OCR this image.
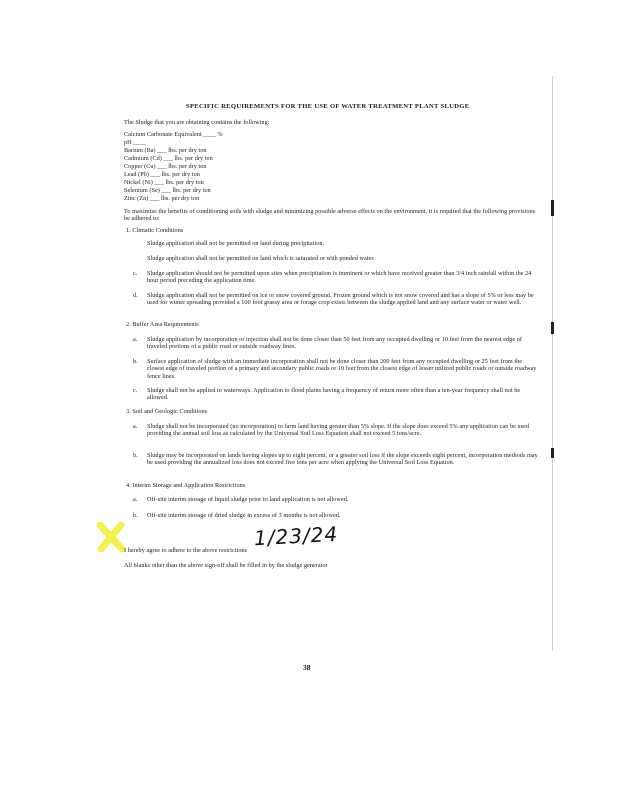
SPECIFIC REQUIREMENTS FOR THE USE OF WATER TREATMENT PLANT SLUDGE
The Sludge that you are obtaining contains the following:
Calcium Carbonate Equivalent ____ %
pH ____
Barium (Ba) ___ lbs. per dry ton
Cadmium (Cd) ___ lbs. per dry ton
Copper (Cu) ___ lbs. per dry ton
Lead (Pb) ___ lbs. per dry ton
Nickel (Ni) ___ lbs. per dry ton
Selenium (Se) ___ lbs. per dry ton
Zinc (Zn) ___ lbs. per dry ton
To maximize the benefits of conditioning soils with sludge and minimizing possible adverse effects on the environment, it is required that the following provisions be adhered to:
1. Climatic Conditions
Sludge application shall not be permitted on land during precipitation.
Sludge application shall not be permitted on land which is saturated or with ponded water.
c. Sludge application should not be permitted upon sites when precipitation is imminent or which have received greater than 3/4 inch rainfall within the 24 hour period preceding the application time.
d. Sludge application shall not be permitted on ice or snow covered ground. Frozen ground which is not snow covered and has a slope of 5% or less may be used for winter spreading provided a 100 foot grassy area or forage crop exists between the sludge applied land and any surface water or water well.
2. Buffer Area Requirements
a. Sludge application by incorporation or injection shall not be done closer than 50 feet from any occupied dwelling or 10 feet from the nearest edge of traveled portions of a public road or outside roadway lines.
b. Surface application of sludge with an immediate incorporation shall not be done closer than 200 feet from any occupied dwelling or 25 feet from the closest edge of traveled portion of a primary and secondary public roads or 10 feet from the closest edge of lesser utilized public roads or outside roadway fence lines.
c. Sludge shall not be applied to waterways. Application to flood plains having a frequency of return more often than a ten-year frequency shall not be allowed.
3. Soil and Geologic Conditions
a. Sludge shall not be incorporated (no incorporation) to farm land having greater than 5% slope. If the slope does exceed 5% any application can be used providing the annual soil loss as calculated by the Universal Soil Loss Equation shall not exceed 5 tons/acre.
b. Sludge may be incorporated on lands having slopes up to eight percent, or a greater soil loss if the slope exceeds eight percent, incorporation methods may be used providing the annualized loss does not exceed five tons per acre when applying the Universal Soil Loss Equation.
4. Interim Storage and Application Restrictions
a. Off-site interim storage of liquid sludge prior to land application is not allowed.
b. Off-site interim storage of dried sludge in excess of 3 months is not allowed.
1/23/24
I hereby agree to adhere to the above restrictions
All blanks other than the above sign-off shall be filled in by the sludge generator
38
